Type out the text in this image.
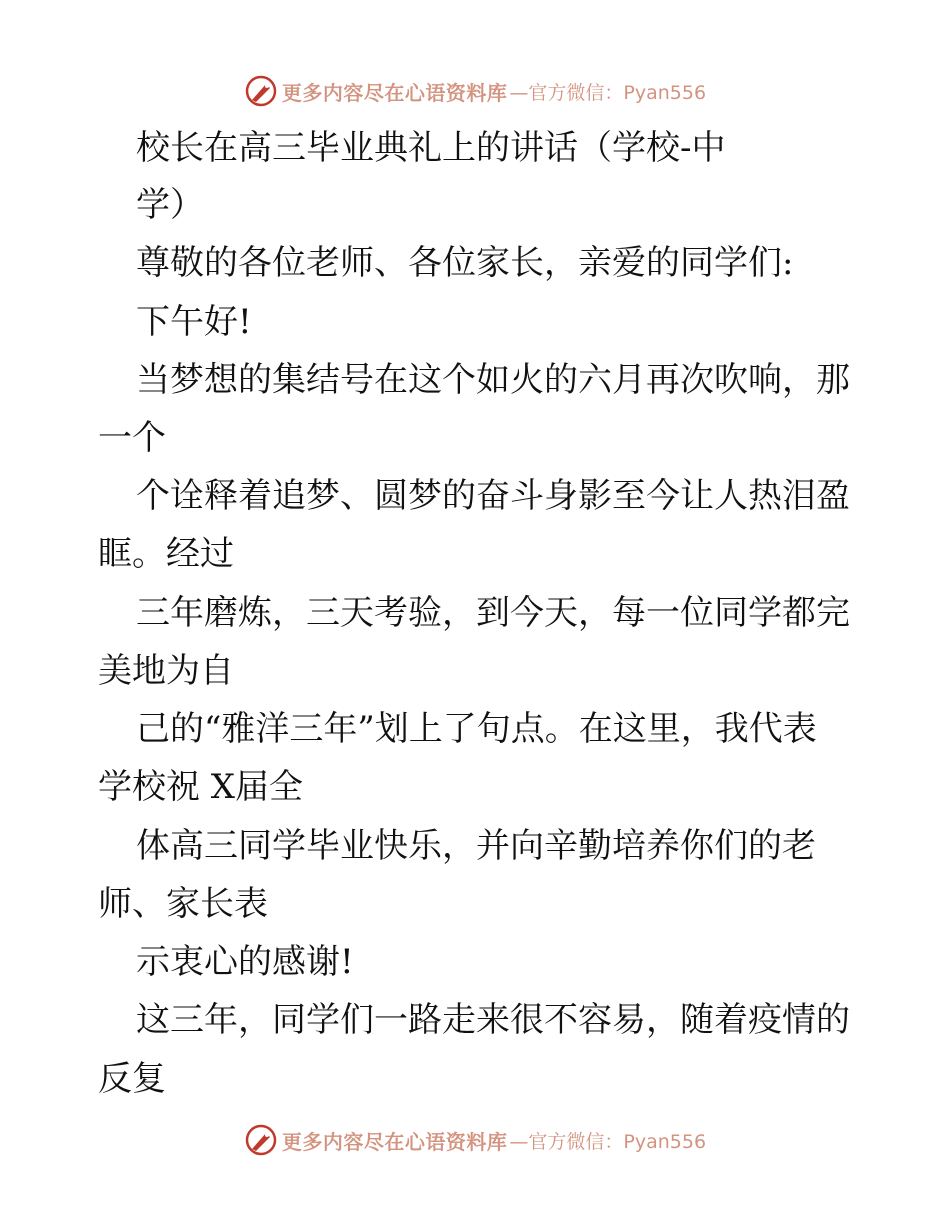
更多内容尽在心语资料库 —官方微信：Pyan556
校长在高三毕业典礼上的讲话（学校-中
学）
尊敬的各位老师、各位家长，亲爱的同学们:
下午好!
当梦想的集结号在这个如火的六月再次吹响，那
一个
个诠释着追梦、圆梦的奋斗身影至今让人热泪盈
眶。经过
三年磨炼，三天考验，到今天，每一位同学都完
美地为自
己的“雅洋三年”划上了句点。在这里，我代表
学校祝 X届全
体高三同学毕业快乐，并向辛勤培养你们的老
师、家长表
示衷心的感谢!
这三年，同学们一路走来很不容易，随着疫情的
反复
更多内容尽在心语资料库 —官方微信：Pyan556
